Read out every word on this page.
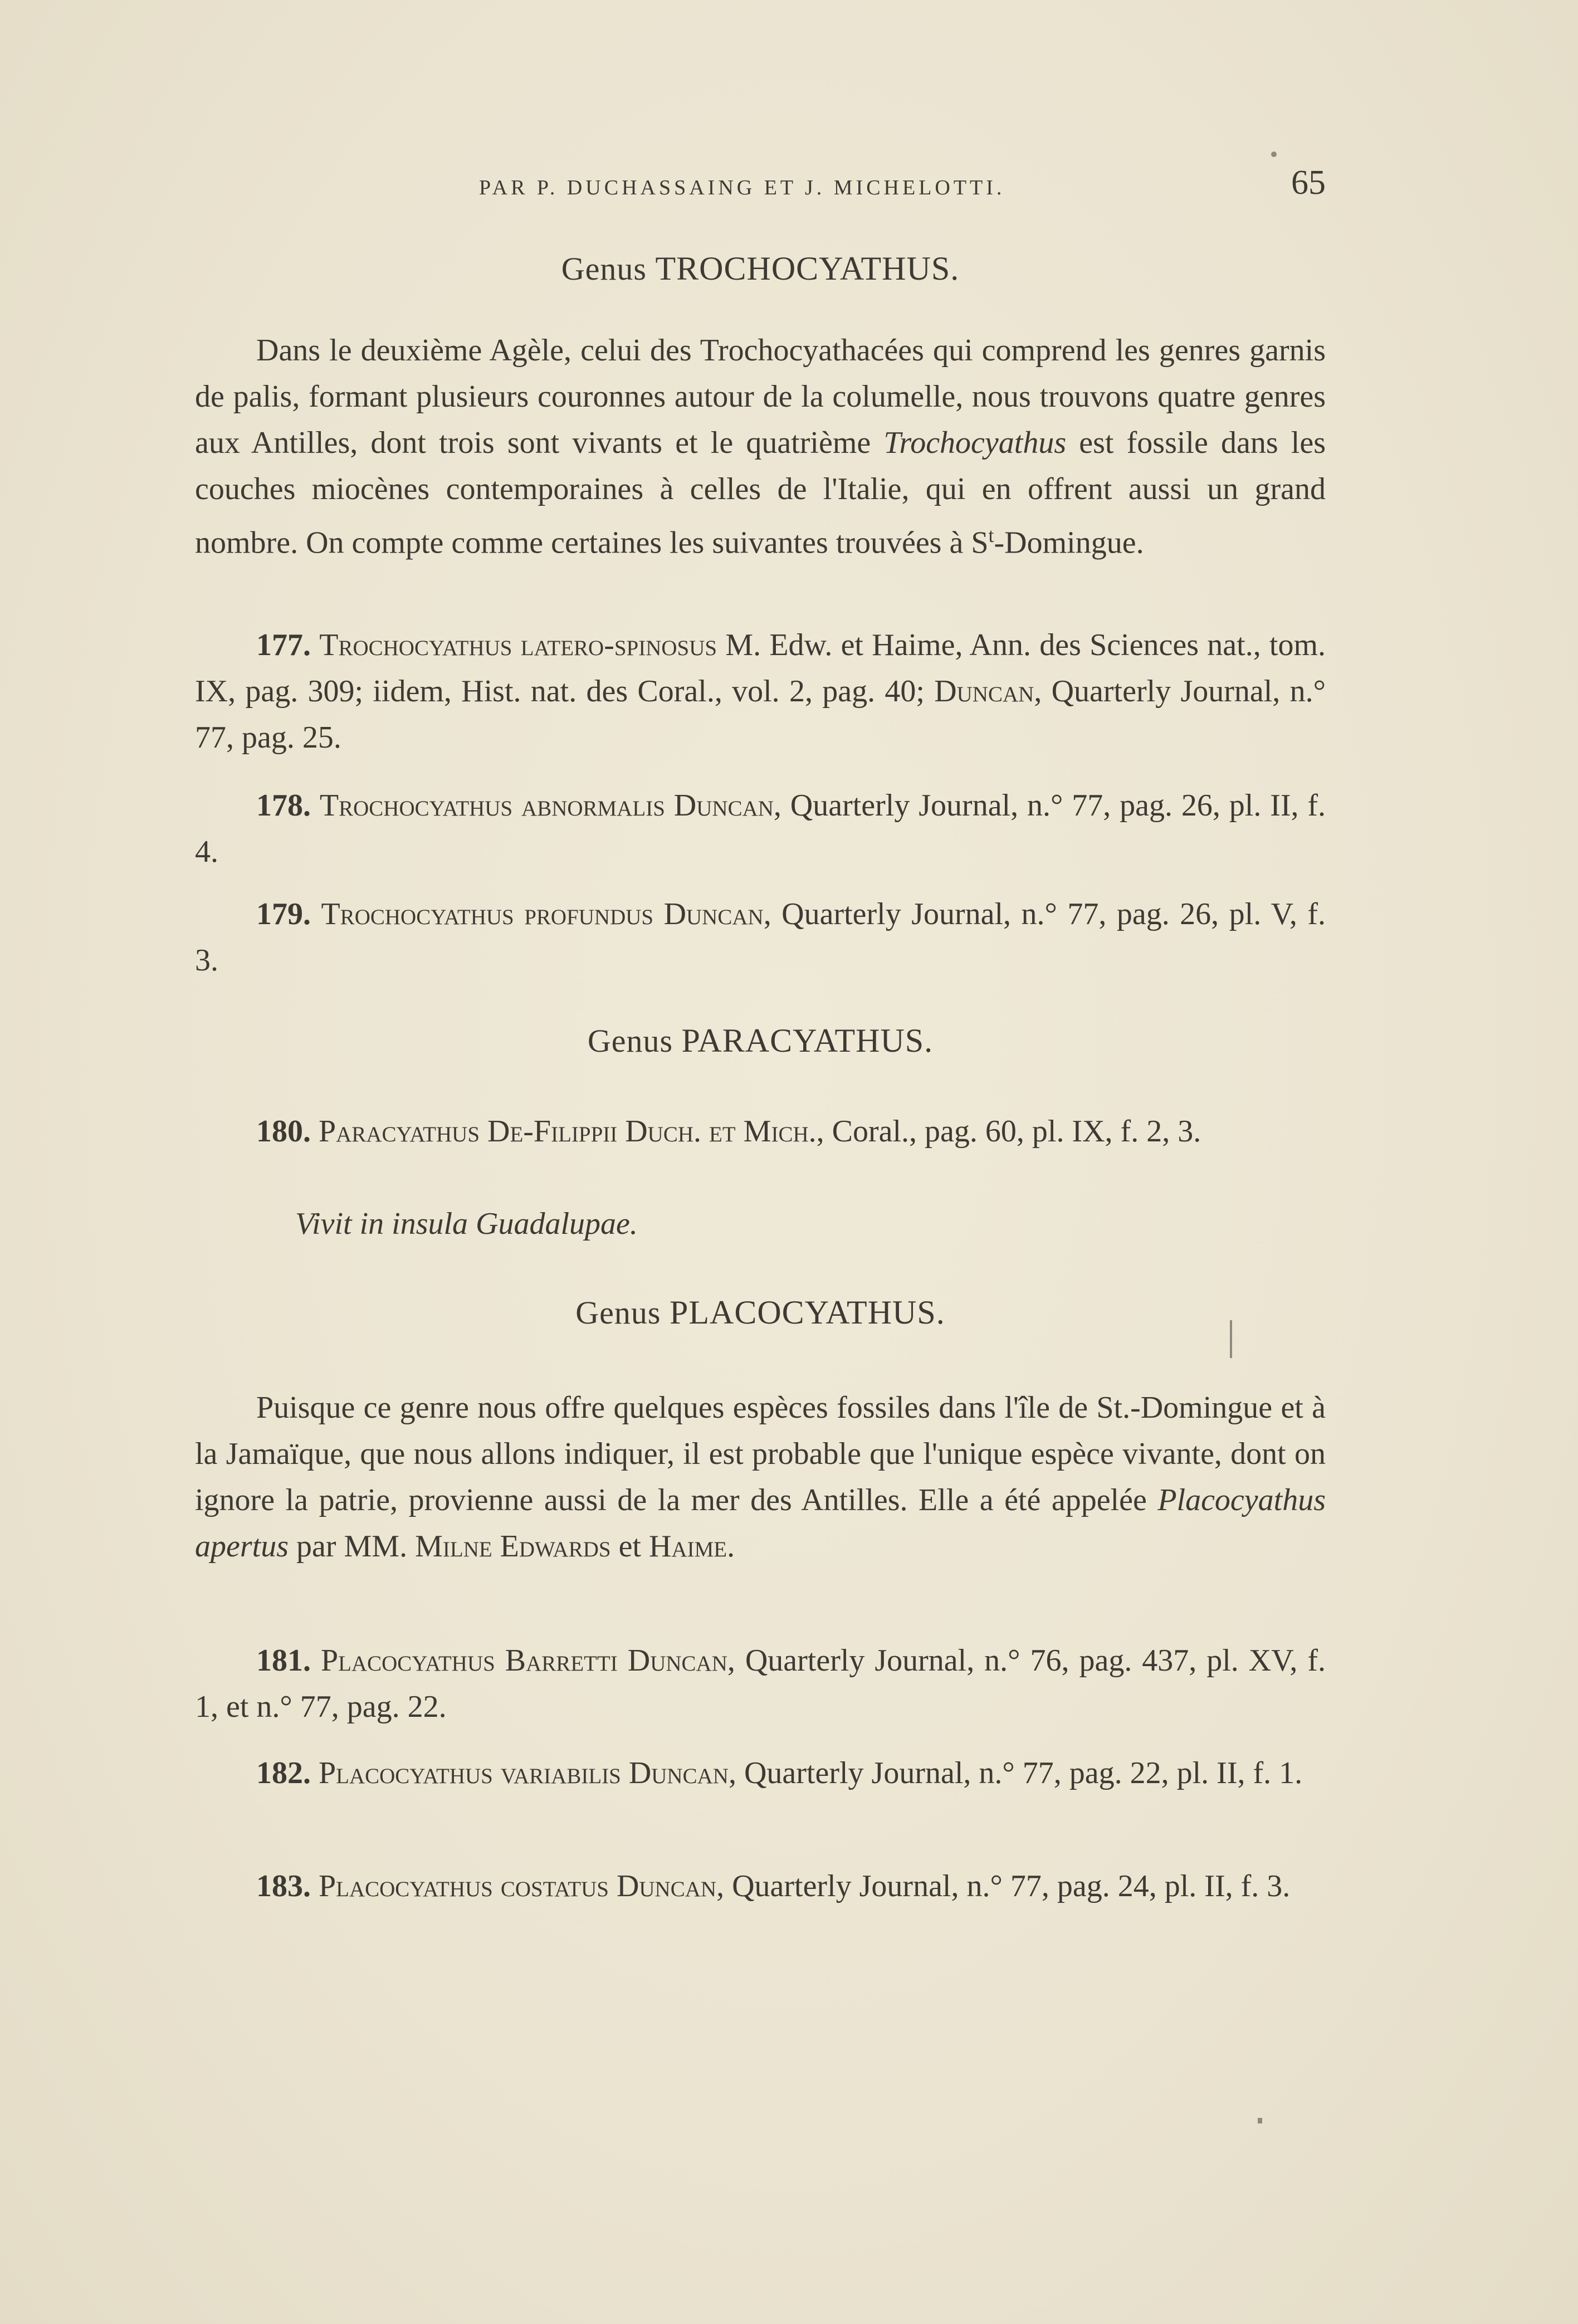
PAR P. DUCHASSAING ET J. MICHELOTTI.	65
Genus TROCHOCYATHUS.

Dans le deuxième Agèle, celui des Trochocyathacées qui comprend les genres garnis de palis, formant plusieurs couronnes autour de la columelle, nous trouvons quatre genres aux Antilles, dont trois sont vivants et le quatrième Trochocyathus est fossile dans les couches miocènes contemporaines à celles de l'Italie, qui en offrent aussi un grand nombre. On compte comme certaines les suivantes trouvées à $S^t$-Domingue.

177. Trochocyathus latero-spinosus M. Edw. et Haime, Ann. des Sciences nat., tom. IX, pag. 309; iidem, Hist. nat. des Coral., vol. 2, pag. 40; Duncan, Quarterly Journal, n.° 77, pag. 25.

178. Trochocyathus abnormalis Duncan, Quarterly Journal, n.° 77, pag. 26, pl. II, f. 4.

179. Trochocyathus profundus Duncan, Quarterly Journal, n.° 77, pag. 26, pl. V, f. 3.

Genus PARACYATHUS.

180. Paracyathus De-Filippii Duch. et Mich., Coral., pag. 60, pl. IX, f. 2, 3.

Vivit in insula Guadalupae.
Genus PLACOCYATHUS.

Puisque ce genre nous offre quelques espèces fossiles dans l'île de St.-Domingue et à la Jamaïque, que nous allons indiquer, il est probable que l'unique espèce vivante, dont on ignore la patrie, provienne aussi de la mer des Antilles. Elle a été appelée Placocyathus apertus par MM. Milne Edwards et Haime.

181. Placocyathus Barretti Duncan, Quarterly Journal, n.° 76, pag. 437, pl. XV, f. 1, et n.° 77, pag. 22.

182. Placocyathus variabilis Duncan, Quarterly Journal, n.° 77, pag. 22, pl. II, f. 1.

183. Placocyathus costatus Duncan, Quarterly Journal, n.° 77, pag. 24, pl. II, f. 3.
